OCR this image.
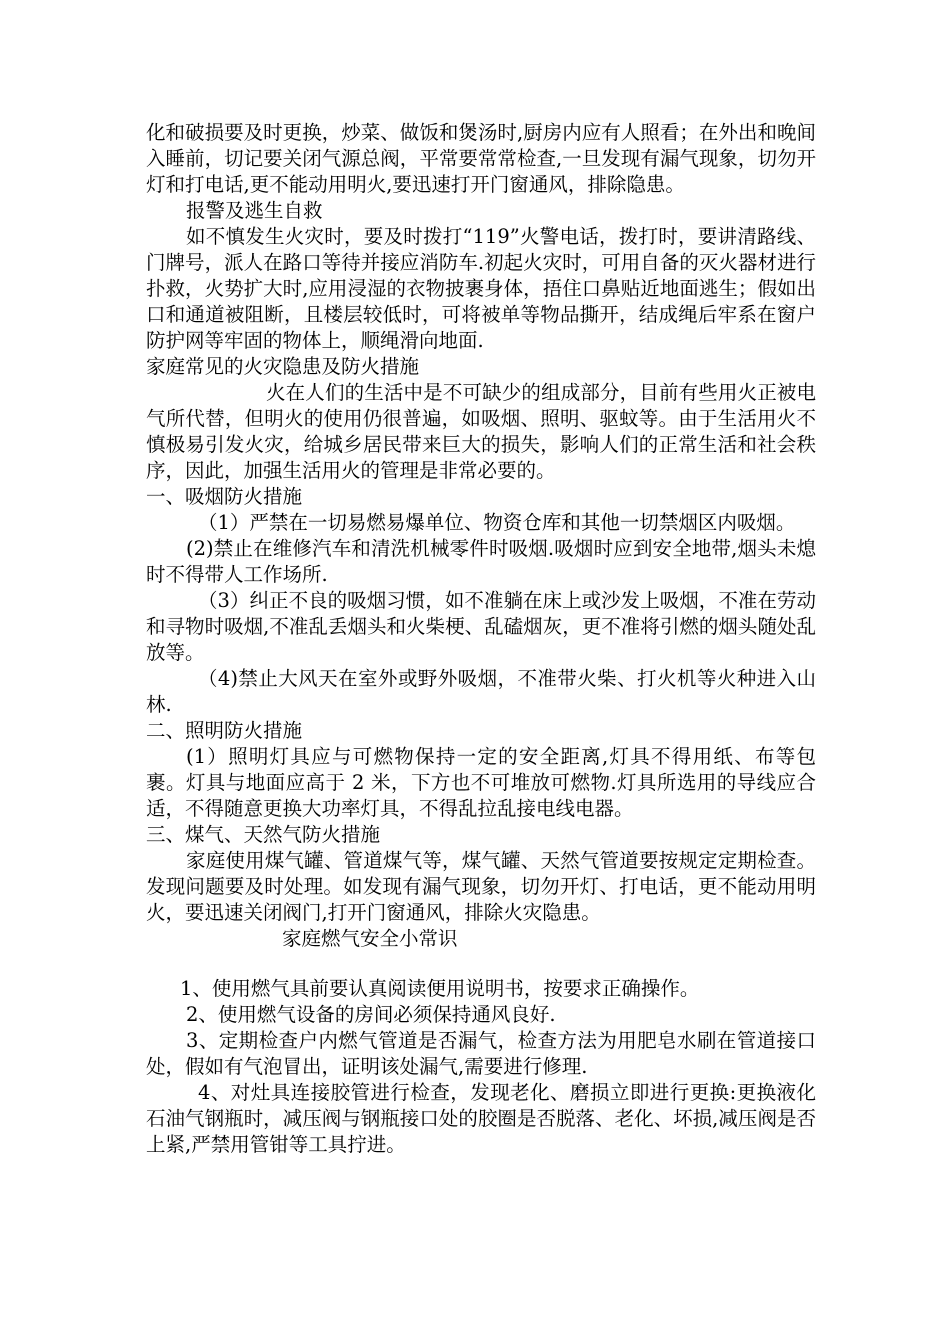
化和破损要及时更换，炒菜、做饭和煲汤时,厨房内应有人照看；在外出和晚间入睡前，切记要关闭气源总阀，平常要常常检查,一旦发现有漏气现象，切勿开灯和打电话,更不能动用明火,要迅速打开门窗通风，排除隐患。

报警及逃生自救

如不慎发生火灾时，要及时拨打“119”火警电话，拨打时，要讲清路线、门牌号，派人在路口等待并接应消防车.初起火灾时，可用自备的灭火器材进行扑救，火势扩大时,应用浸湿的衣物披裹身体，捂住口鼻贴近地面逃生；假如出口和通道被阻断，且楼层较低时，可将被单等物品撕开，结成绳后牢系在窗户防护网等牢固的物体上，顺绳滑向地面.

家庭常见的火灾隐患及防火措施

火在人们的生活中是不可缺少的组成部分，目前有些用火正被电气所代替，但明火的使用仍很普遍，如吸烟、照明、驱蚊等。由于生活用火不慎极易引发火灾，给城乡居民带来巨大的损失，影响人们的正常生活和社会秩序，因此，加强生活用火的管理是非常必要的。

一、吸烟防火措施

（1）严禁在一切易燃易爆单位、物资仓库和其他一切禁烟区内吸烟。

(2)禁止在维修汽车和清洗机械零件时吸烟.吸烟时应到安全地带,烟头未熄时不得带人工作场所.

（3）纠正不良的吸烟习惯，如不准躺在床上或沙发上吸烟，不准在劳动和寻物时吸烟,不准乱丢烟头和火柴梗、乱磕烟灰，更不准将引燃的烟头随处乱放等。

（4)禁止大风天在室外或野外吸烟，不准带火柴、打火机等火种进入山林.

二、照明防火措施

(1）照明灯具应与可燃物保持一定的安全距离,灯具不得用纸、布等包裹。灯具与地面应高于 2 米，下方也不可堆放可燃物.灯具所选用的导线应合适，不得随意更换大功率灯具，不得乱拉乱接电线电器。

三、煤气、天然气防火措施

家庭使用煤气罐、管道煤气等，煤气罐、天然气管道要按规定定期检查。发现问题要及时处理。如发现有漏气现象，切勿开灯、打电话，更不能动用明火，要迅速关闭阀门,打开门窗通风，排除火灾隐患。

家庭燃气安全小常识

1、使用燃气具前要认真阅读便用说明书，按要求正确操作。

2、使用燃气设备的房间必须保持通风良好.

3、定期检查户内燃气管道是否漏气，检查方法为用肥皂水刷在管道接口处，假如有气泡冒出，证明该处漏气,需要进行修理.

4、对灶具连接胶管进行检查，发现老化、磨损立即进行更换:更换液化石油气钢瓶时，减压阀与钢瓶接口处的胶圈是否脱落、老化、坏损,减压阀是否上紧,严禁用管钳等工具拧进。
